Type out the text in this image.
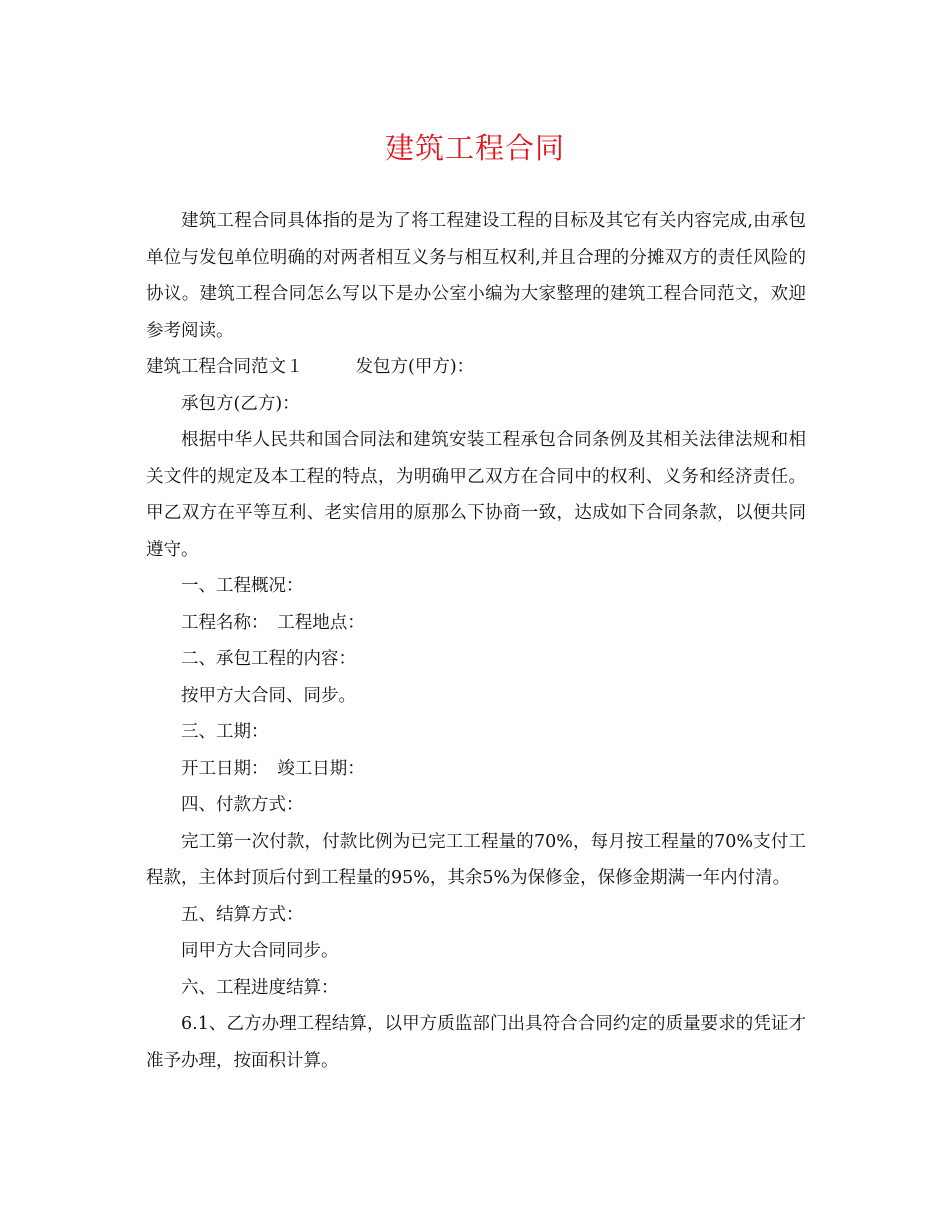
建筑工程合同

建筑工程合同具体指的是为了将工程建设工程的目标及其它有关内容完成,由承包单位与发包单位明确的对两者相互义务与相互权利,并且合理的分摊双方的责任风险的协议。建筑工程合同怎么写以下是办公室小编为大家整理的建筑工程合同范文，欢迎参考阅读。

建筑工程合同范文１	发包方(甲方)：

承包方(乙方)：

根据中华人民共和国合同法和建筑安装工程承包合同条例及其相关法律法规和相关文件的规定及本工程的特点，为明确甲乙双方在合同中的权利、义务和经济责任。甲乙双方在平等互利、老实信用的原那么下协商一致，达成如下合同条款，以便共同遵守。

一、工程概况：

工程名称：　工程地点：

二、承包工程的内容：

按甲方大合同、同步。

三、工期：

开工日期：　竣工日期：

四、付款方式：

完工第一次付款，付款比例为已完工工程量的70%，每月按工程量的70%支付工程款，主体封顶后付到工程量的95%，其余5%为保修金，保修金期满一年内付清。

五、结算方式：

同甲方大合同同步。

六、工程进度结算：

6.1、乙方办理工程结算，以甲方质监部门出具符合合同约定的质量要求的凭证才准予办理，按面积计算。
